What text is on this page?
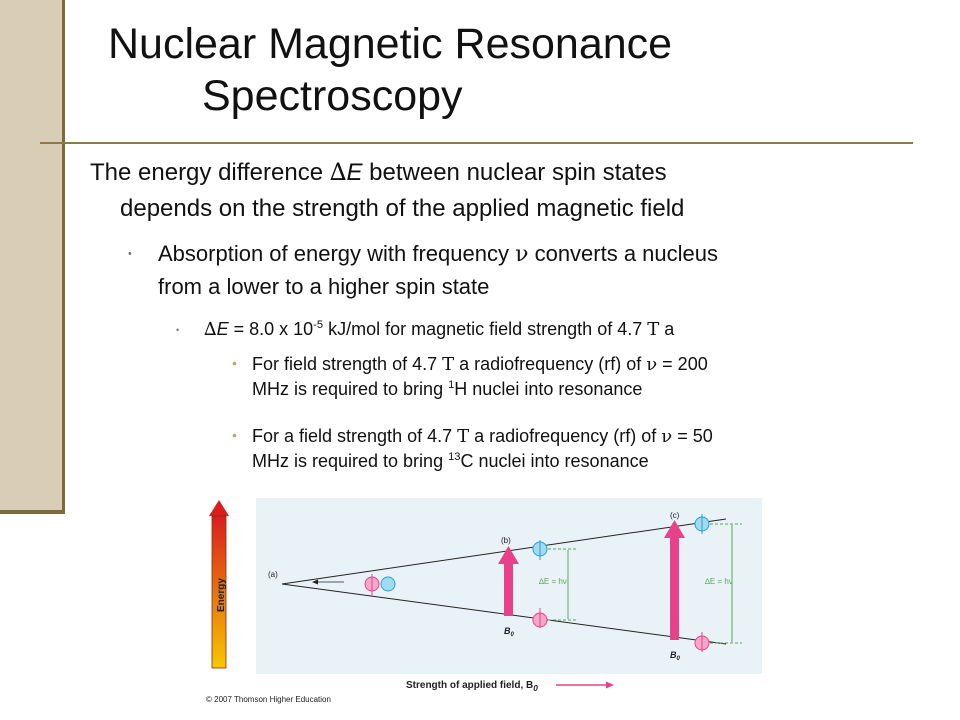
Nuclear Magnetic Resonance
Spectroscopy
The energy difference ∆E between nuclear spin states
depends on the strength of the applied magnetic field
•	Absorption of energy with frequency ν converts a nucleus
from a lower to a higher spin state
•	∆E = 8.0 x $10^{-5}$ kJ/mol for magnetic field strength of 4.7 T a
• For field strength of 4.7 T a radiofrequency (rf) of ν = 200
MHz is required to bring $^1$H nuclei into resonance
• For a field strength of 4.7 T a radiofrequency (rf) of ν = 50
MHz is required to bring $^{13}$C nuclei into resonance
Energy
(a)
(b)
(c)
∆E = hν
$B_0$
∆E = hν
$B_0$
Strength of applied field, $B_0$
© 2007 Thomson Higher Education
